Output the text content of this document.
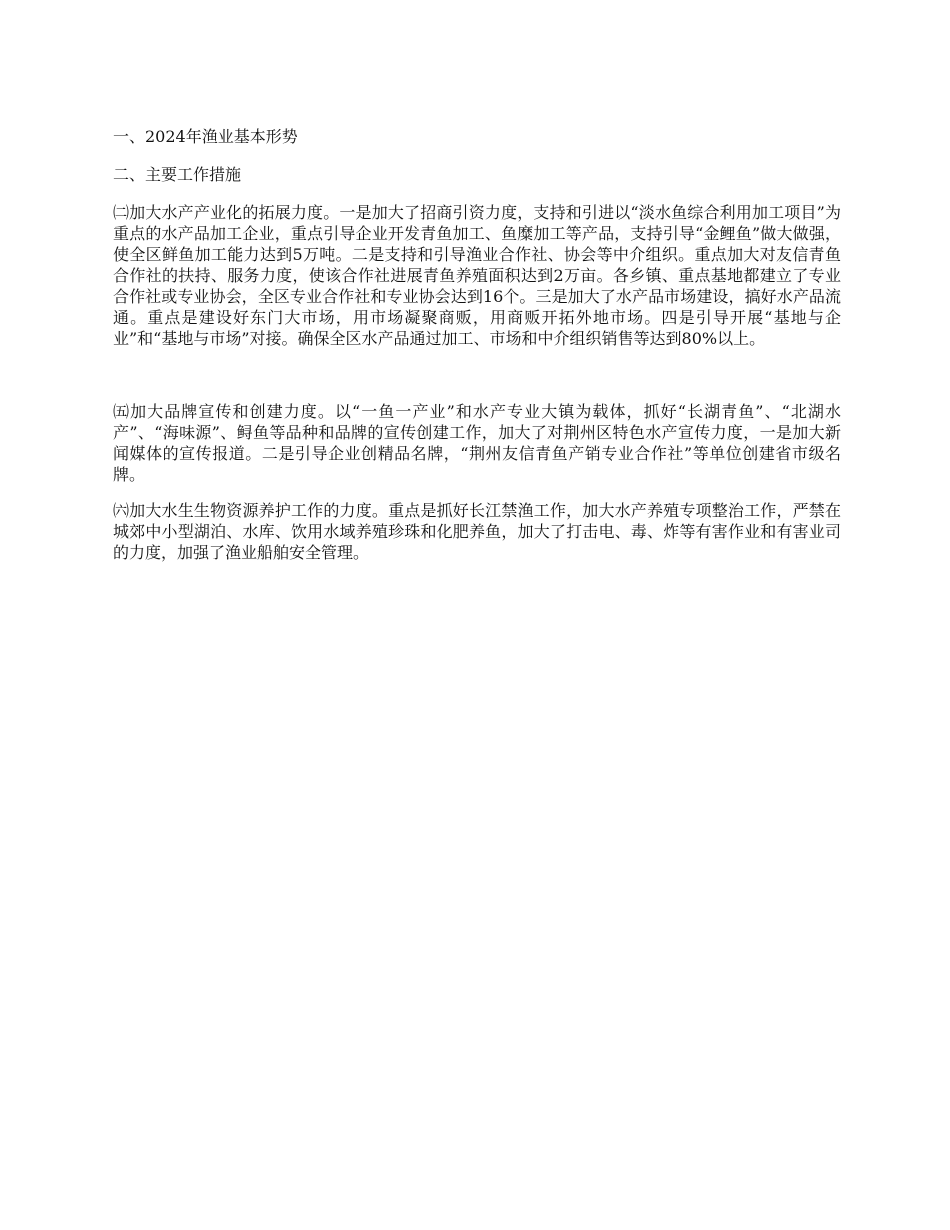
一、2024年渔业基本形势

二、主要工作措施

㈡加大水产产业化的拓展力度。一是加大了招商引资力度，支持和引进以“淡水鱼综合利用加工项目”为重点的水产品加工企业，重点引导企业开发青鱼加工、鱼糜加工等产品，支持引导“金鲤鱼”做大做强，使全区鲜鱼加工能力达到5万吨。二是支持和引导渔业合作社、协会等中介组织。重点加大对友信青鱼合作社的扶持、服务力度，使该合作社进展青鱼养殖面积达到2万亩。各乡镇、重点基地都建立了专业合作社或专业协会，全区专业合作社和专业协会达到16个。三是加大了水产品市场建设，搞好水产品流通。重点是建设好东门大市场，用市场凝聚商贩，用商贩开拓外地市场。四是引导开展“基地与企业”和“基地与市场”对接。确保全区水产品通过加工、市场和中介组织销售等达到80%以上。

㈤加大品牌宣传和创建力度。以“一鱼一产业”和水产专业大镇为载体，抓好“长湖青鱼”、“北湖水产”、“海味源”、鲟鱼等品种和品牌的宣传创建工作，加大了对荆州区特色水产宣传力度，一是加大新闻媒体的宣传报道。二是引导企业创精品名牌，“荆州友信青鱼产销专业合作社”等单位创建省市级名牌。

㈥加大水生生物资源养护工作的力度。重点是抓好长江禁渔工作，加大水产养殖专项整治工作，严禁在城郊中小型湖泊、水库、饮用水域养殖珍珠和化肥养鱼，加大了打击电、毒、炸等有害作业和有害业司的力度，加强了渔业船舶安全管理。
